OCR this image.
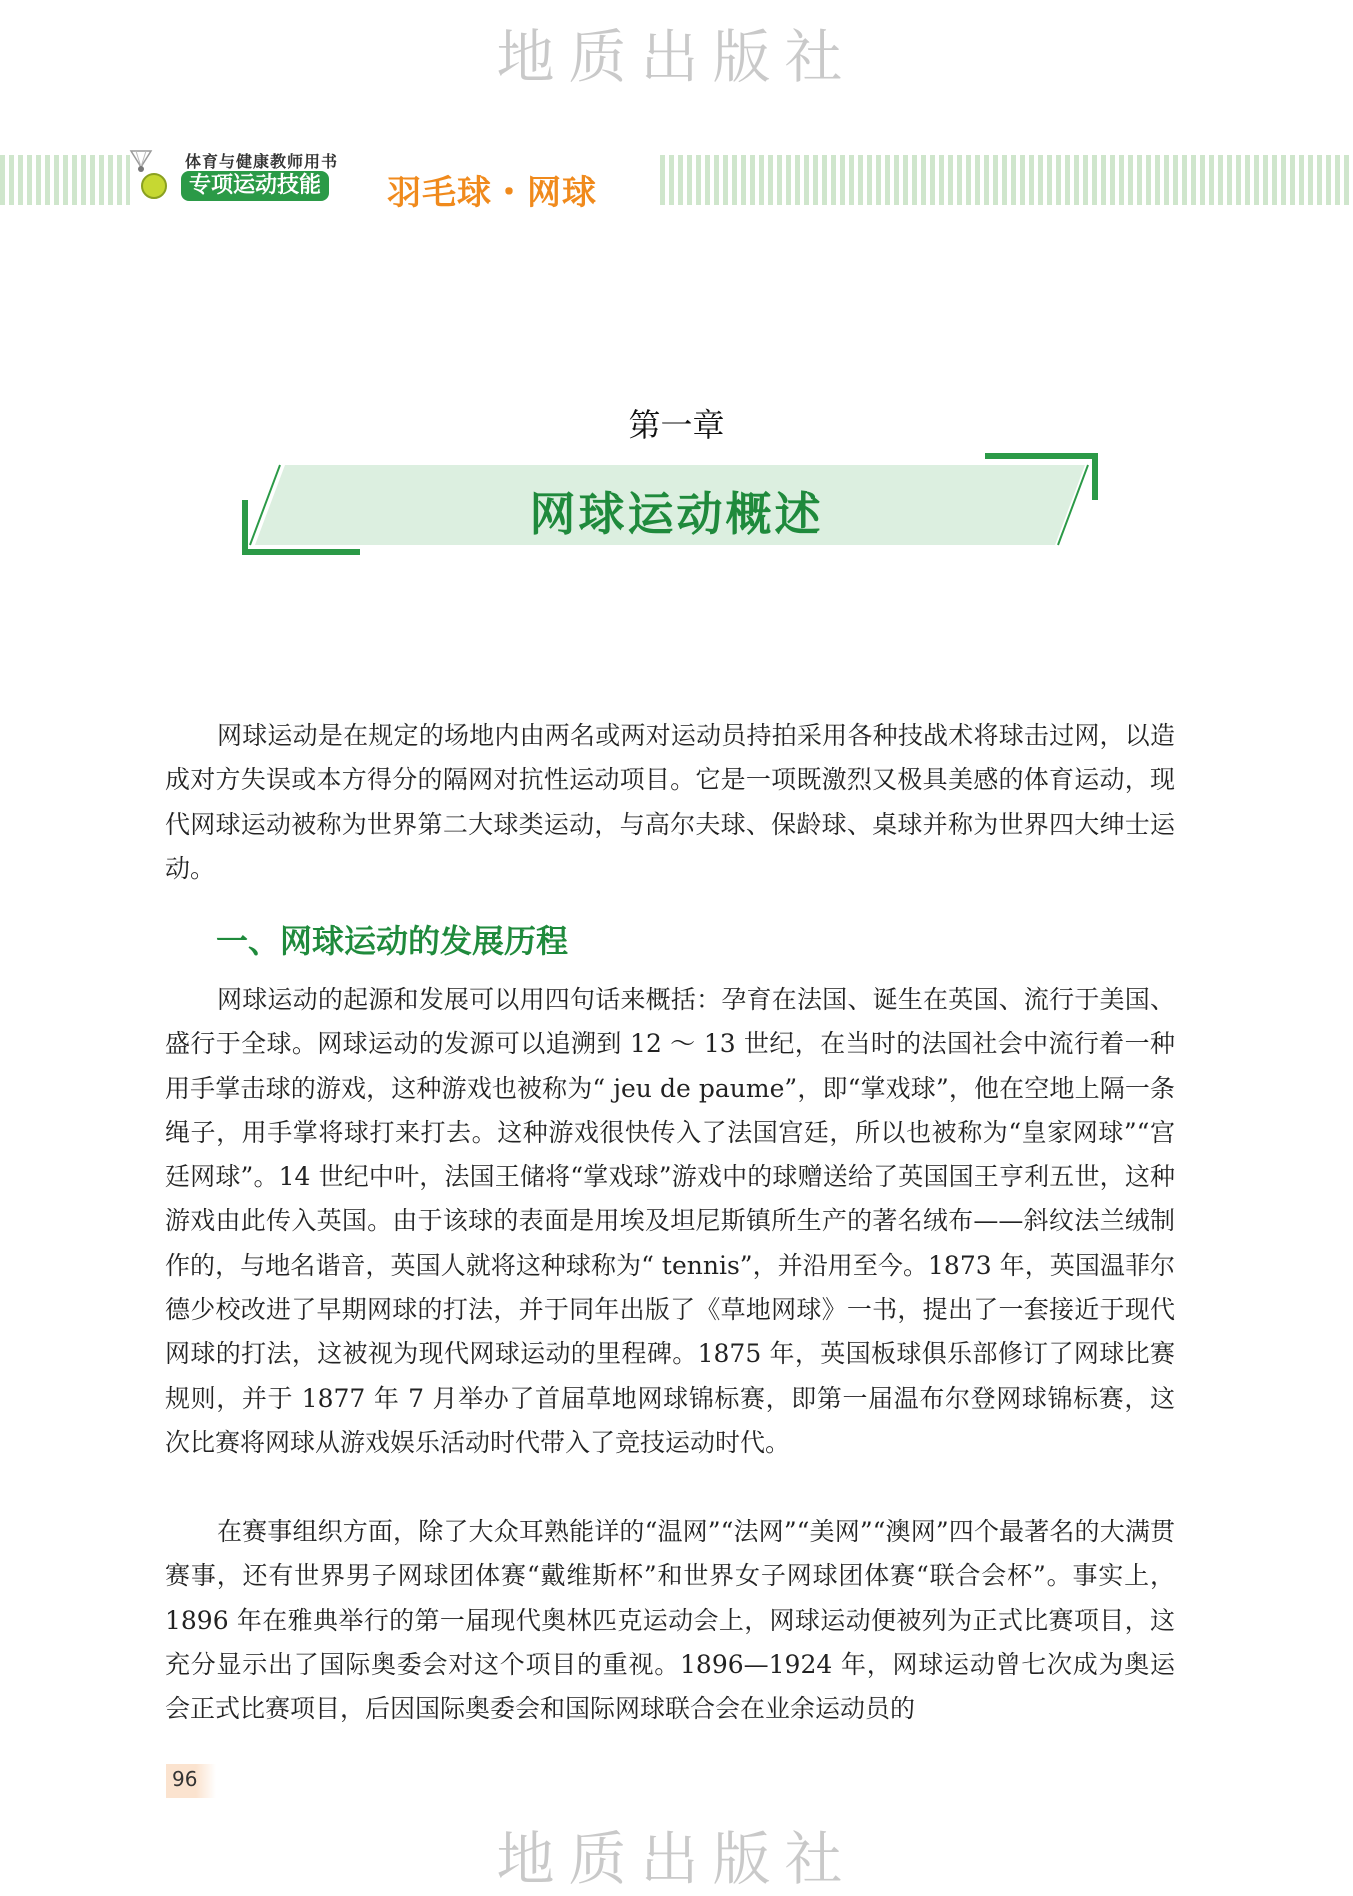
地质出版社
体育与健康教师用书
专项运动技能 羽毛球・网球
第一章
网球运动概述

网球运动是在规定的场地内由两名或两对运动员持拍采用各种技战术将球击过网，以造成对方失误或本方得分的隔网对抗性运动项目。它是一项既激烈又极具美感的体育运动，现代网球运动被称为世界第二大球类运动，与高尔夫球、保龄球、桌球并称为世界四大绅士运动。

一、网球运动的发展历程

网球运动的起源和发展可以用四句话来概括：孕育在法国、诞生在英国、流行于美国、盛行于全球。网球运动的发源可以追溯到 12 ～ 13 世纪，在当时的法国社会中流行着一种用手掌击球的游戏，这种游戏也被称为“ jeu de paume”，即“掌戏球”，他在空地上隔一条绳子，用手掌将球打来打去。这种游戏很快传入了法国宫廷，所以也被称为“皇家网球”“宫廷网球”。14 世纪中叶，法国王储将“掌戏球”游戏中的球赠送给了英国国王亨利五世，这种游戏由此传入英国。由于该球的表面是用埃及坦尼斯镇所生产的著名绒布——斜纹法兰绒制作的，与地名谐音，英国人就将这种球称为“ tennis”，并沿用至今。1873 年，英国温菲尔德少校改进了早期网球的打法，并于同年出版了《草地网球》一书，提出了一套接近于现代网球的打法，这被视为现代网球运动的里程碑。1875 年，英国板球俱乐部修订了网球比赛规则，并于 1877 年 7 月举办了首届草地网球锦标赛，即第一届温布尔登网球锦标赛，这次比赛将网球从游戏娱乐活动时代带入了竞技运动时代。

在赛事组织方面，除了大众耳熟能详的“温网”“法网”“美网”“澳网”四个最著名的大满贯赛事，还有世界男子网球团体赛“戴维斯杯”和世界女子网球团体赛“联合会杯”。事实上，1896 年在雅典举行的第一届现代奥林匹克运动会上，网球运动便被列为正式比赛项目，这充分显示出了国际奥委会对这个项目的重视。1896—1924 年，网球运动曾七次成为奥运会正式比赛项目，后因国际奥委会和国际网球联合会在业余运动员的

96
地质出版社
